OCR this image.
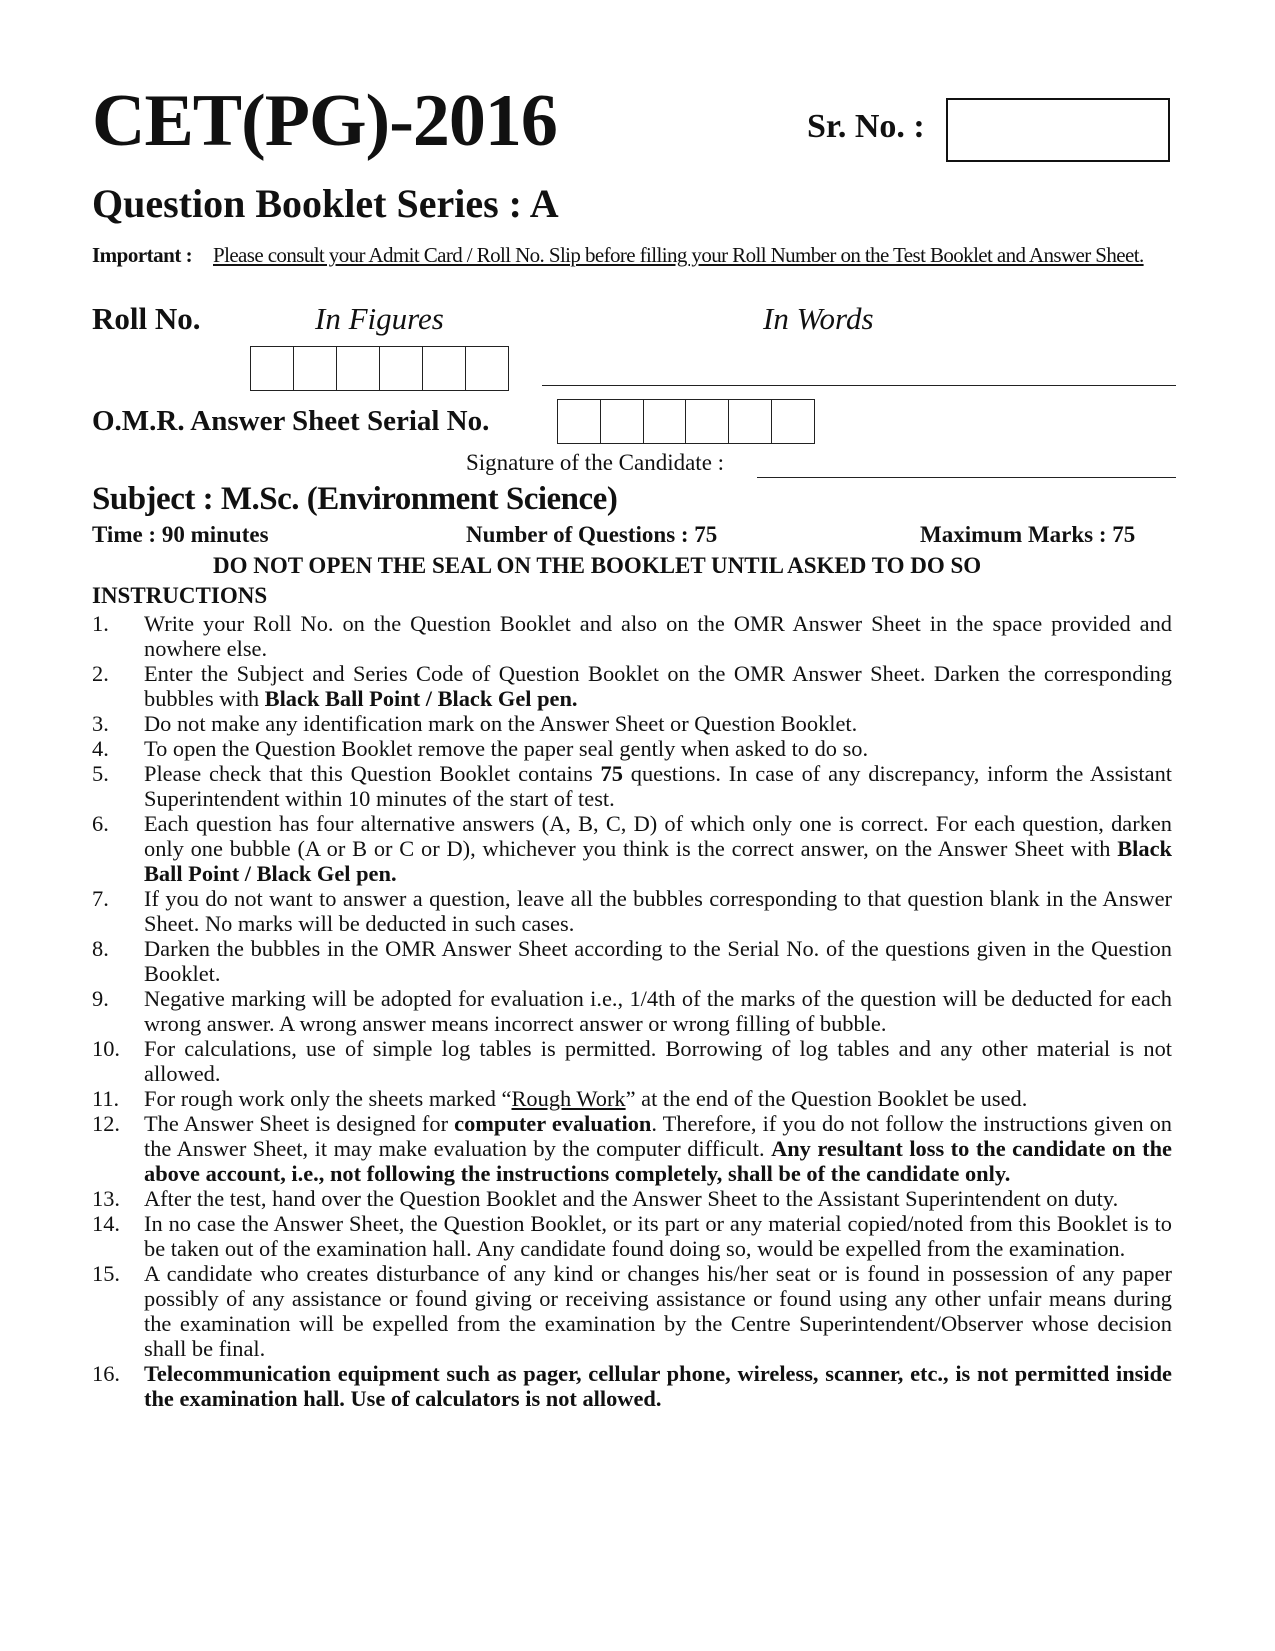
CET(PG)-2016	Sr. No. :
Question Booklet Series : A
Important : Please consult your Admit Card / Roll No. Slip before filling your Roll Number on the Test Booklet and Answer Sheet.
Roll No.	In Figures	In Words
O.M.R. Answer Sheet Serial No.
Signature of the Candidate :
Subject : M.Sc. (Environment Science)
Time : 90 minutes	Number of Questions : 75	Maximum Marks : 75
DO NOT OPEN THE SEAL ON THE BOOKLET UNTIL ASKED TO DO SO
INSTRUCTIONS
1. Write your Roll No. on the Question Booklet and also on the OMR Answer Sheet in the space provided and nowhere else.
2. Enter the Subject and Series Code of Question Booklet on the OMR Answer Sheet. Darken the corresponding bubbles with Black Ball Point / Black Gel pen.
3. Do not make any identification mark on the Answer Sheet or Question Booklet.
4. To open the Question Booklet remove the paper seal gently when asked to do so.
5. Please check that this Question Booklet contains 75 questions. In case of any discrepancy, inform the Assistant Superintendent within 10 minutes of the start of test.
6. Each question has four alternative answers (A, B, C, D) of which only one is correct. For each question, darken only one bubble (A or B or C or D), whichever you think is the correct answer, on the Answer Sheet with Black Ball Point / Black Gel pen.
7. If you do not want to answer a question, leave all the bubbles corresponding to that question blank in the Answer Sheet. No marks will be deducted in such cases.
8. Darken the bubbles in the OMR Answer Sheet according to the Serial No. of the questions given in the Question Booklet.
9. Negative marking will be adopted for evaluation i.e., 1/4th of the marks of the question will be deducted for each wrong answer. A wrong answer means incorrect answer or wrong filling of bubble.
10. For calculations, use of simple log tables is permitted. Borrowing of log tables and any other material is not allowed.
11. For rough work only the sheets marked “Rough Work” at the end of the Question Booklet be used.
12. The Answer Sheet is designed for computer evaluation. Therefore, if you do not follow the instructions given on the Answer Sheet, it may make evaluation by the computer difficult. Any resultant loss to the candidate on the above account, i.e., not following the instructions completely, shall be of the candidate only.
13. After the test, hand over the Question Booklet and the Answer Sheet to the Assistant Superintendent on duty.
14. In no case the Answer Sheet, the Question Booklet, or its part or any material copied/noted from this Booklet is to be taken out of the examination hall. Any candidate found doing so, would be expelled from the examination.
15. A candidate who creates disturbance of any kind or changes his/her seat or is found in possession of any paper possibly of any assistance or found giving or receiving assistance or found using any other unfair means during the examination will be expelled from the examination by the Centre Superintendent/Observer whose decision shall be final.
16. Telecommunication equipment such as pager, cellular phone, wireless, scanner, etc., is not permitted inside the examination hall. Use of calculators is not allowed.
